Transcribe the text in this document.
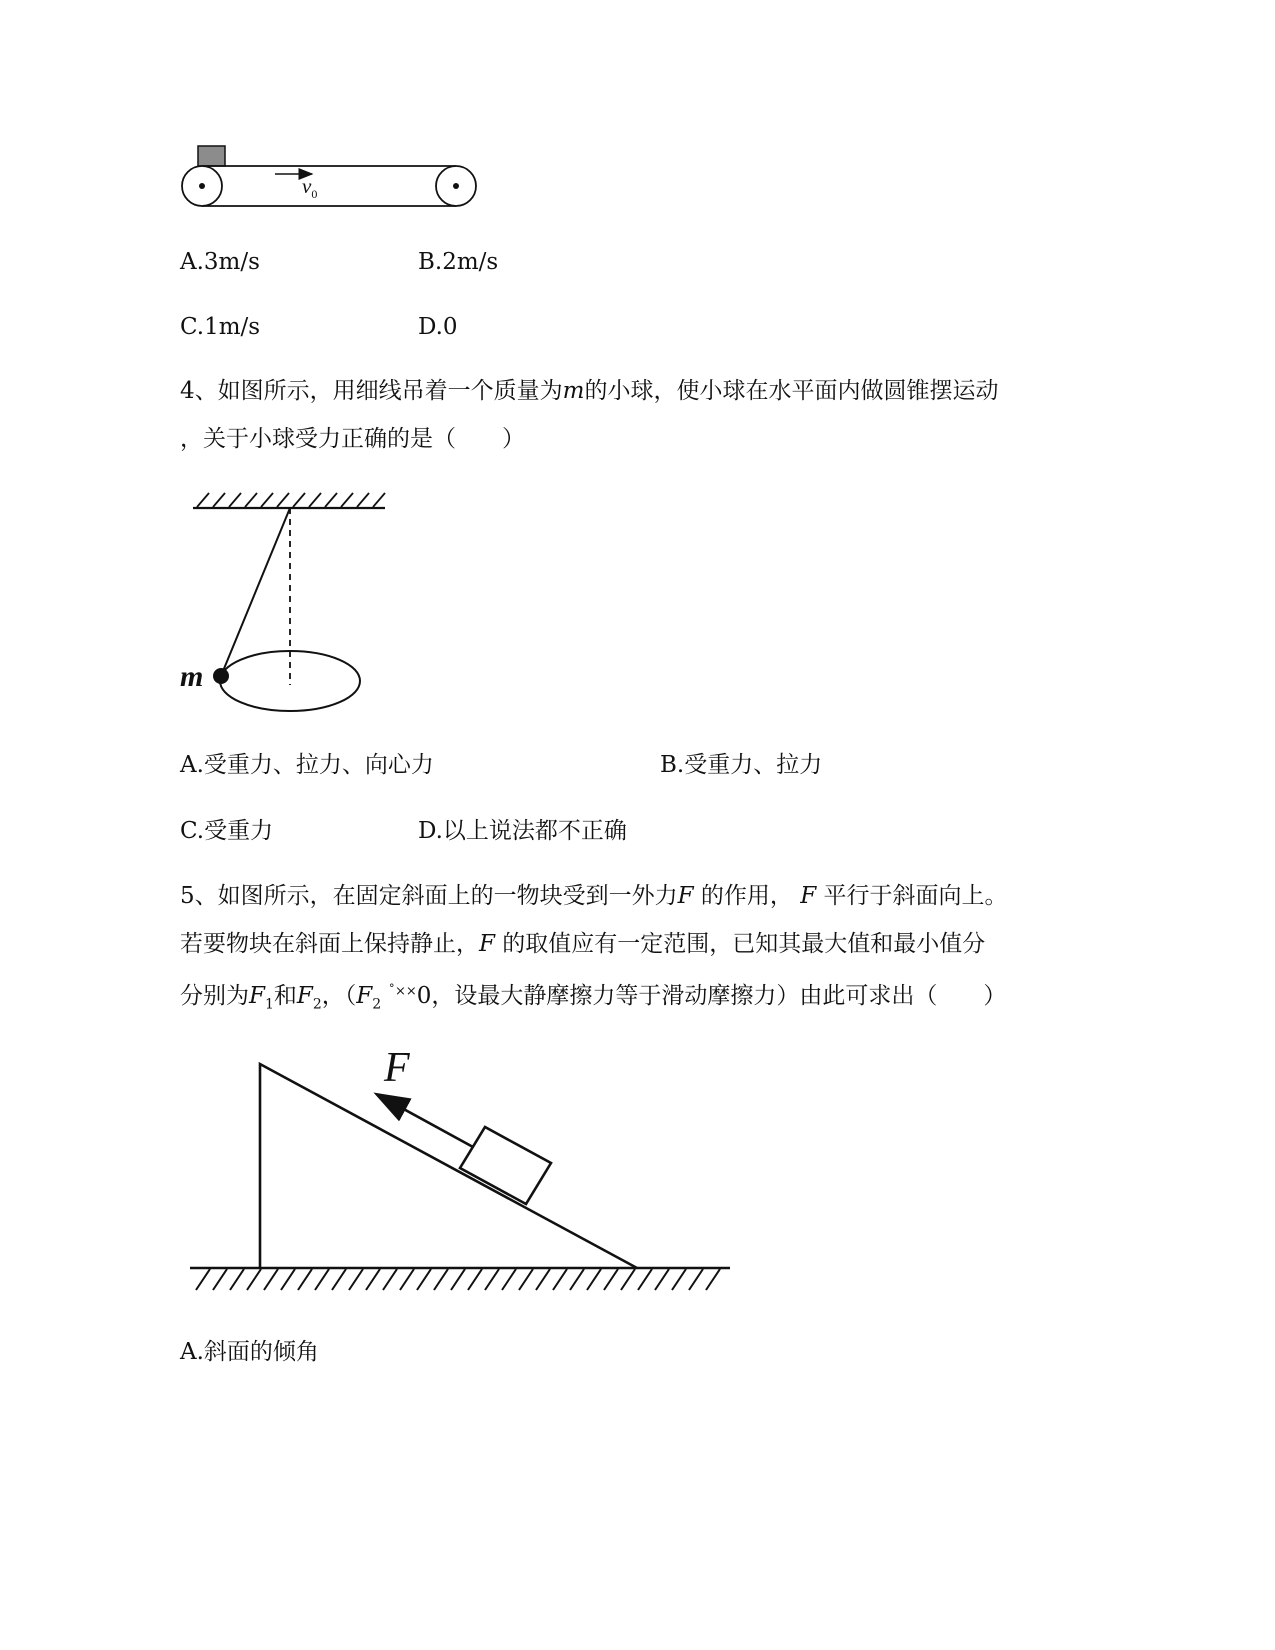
$v_0$
A.3m/s	B.2m/s
C.1m/s	D.0
4、如图所示，用细线吊着一个质量为m的小球，使小球在水平面内做圆锥摆运动
，关于小球受力正确的是（　　）
m
A.受重力、拉力、向心力	B.受重力、拉力
C.受重力	D.以上说法都不正确
5、如图所示，在固定斜面上的一物块受到一外力F 的作用， F 平行于斜面向上。
若要物块在斜面上保持静止，F 的取值应有一定范围，已知其最大值和最小值分
分别为$F_1$和$F_2$，（$F_2$ ˚××0，设最大静摩擦力等于滑动摩擦力）由此可求出（　　）
F
A.斜面的倾角
